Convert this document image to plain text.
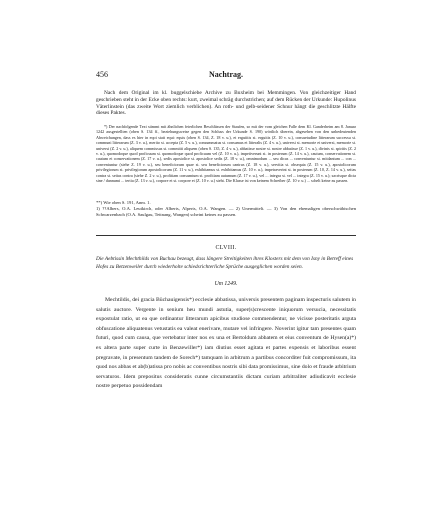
456	Nachtrag.

Nach dem Original im kl. buggelschiebe Archive zu Buxheim bei Memmingen. Von gleichzeitiger Hand geschrieben steht in der Ecke oben rechts: kurt, zweimal schräg durchstrichen; auf dem Rücken der Urkunde: Hupolinus Väterlinstein (das zweite Wort ziemlich verblichen). An roth- und gelb-seidener Schnur hängt die geschlitzte Hälfte dieses Paktes.

*) Der nachfolgende Text stimmt mit ähnlichen feierlichen Beschlüssen der Staufen, so mit der vom gleichen Falle dem Kl. Ganderheim am 8. Januar 1242 ausgestellten (oben S. 134 ff., beziehungsweise gegen den Schluss der Urkunde S. 190) wörtlich überein, abgesehen von den unbedeutenden Abweichungen, dass es hier in eqoi statt equi: equis (oben S. 134, Z. 18 v. u.), et erguiitis st. erguitis (Z. 10 v. u.), consuetudine litterarum successu st. communi litterarum (Z. 3 v. u.), merito st. accepta (Z. 5 v. u.), consummatus st. consumus et litteralis (Z. 4 v. u.), universi st. memorie et universi, memorie st. universi (Z. 2 v. u.), aliquem commissus st. committi aliquem (oben S. 135, Z. 4 v. u.), abbatisse nostre st. nostre abbatisse (Z. 1 v. u.), divinis st. spiritis (Z. 2 v. u.), quomodoque quod proficuum st. quomodoque quod proficuum vel (Z. 10 v. u.), impetiverunt st. in posterum (Z. 14 v. u.), cautum, conservationem st. cautum et conservationem (Z. 17 v. u.), sedis apostolice st. apostolice sedis (Z. 18 v. u.), omnimodum ... seu dicas ... conveniuntur st. mitdantum ... con ... conveniuntur (siehe Z. 19 v. u.), seu beneficiorum quae st. seu beneficiorum cantrus (Z. 18 v. u.), servitia st. obsequia (Z. 15 v. u.), apostolicorum privilegiorum st. privilegiorum apostolicorum (Z. 11 v. u.), exhibitamus st. exhibitamus (Z. 10 v. u.), impetraverint st. in posterum (Z. 10, Z. 14 v. u.), seitas contra st. seitas contra (siehe Z. 2 v. u.), profitiam consumtum st. profitiam autumum (Z. 17 v. u.), vel ... integra st. vel ... integra (Z. 15 v. u.); sacrisque dicta sine / dannumi ... tertia (Z. 13 v. u.), corpore et st. corpore et (Z. 10 v. u.) steht. Die Klasse ist von keinem Schreiber (Z. 10 v. u.) ... schelt keine zu passen.

**) Wie oben S. 191, Anm. 1.

1) ??Albers, O.A. Leutkirch, oder Alberts, Alperts, O.A. Wangen. — 2) Unermittelt. — 3) Von den ehemaligen oberschwäbischen Schwarzenbach (O.A. Saulgau, Tettnang, Wangen) scheint keines zu passen.

CLVIII.

Die Aebtissin Mechthilds von Buchau bezeugt, dass längere Streitigkeiten ihres Klosters mit dem von Isny in Betreff eines Hofes zu Betzenweiler durch wiederholte schiedsrichterliche Sprüche ausgeglichen worden seien.

Um 1249.

Mechtildis, dei gracia Büchauigensis*) ecclesie abbatissa, universis presentem paginam inspecturis salutem in salutis auctore. Vergente in senium heu mundi astutia, super(s)crescente iniquorum versucia, necessitatis expostulat ratio, ut ea que ordinantur litterarum apicibus studiose commendentur, ne vicisse posteritatis arguta obfuscatione aliquatenus vetustatis ea valeat enerivare, mutare vel infringere. Noverint igitur tam presentes quam futuri, quod cum causa, que vertebatur inter nos ex una et Bertoldum abbatem et eius conventum de Hysen(a)*) ex altera parte super curte in Benzewiller*) iam diutius esset agitata et partes expensis et laboribus essent pregravate, in presentum tandem de Sorech*) tamquam in arbitrum a partibus concorditer fuit compromissum, ita quod nos abbas et ab(b)atissa pro nobis ac conventibus nostris sibi data promissimus, sine dolo et fraude arbitrium servaturos. Idem prepositus consideratis cunne circumstantiis dictam curiam arbitraliter adiudicavit ecclesie nostre perpetuo possidendam
